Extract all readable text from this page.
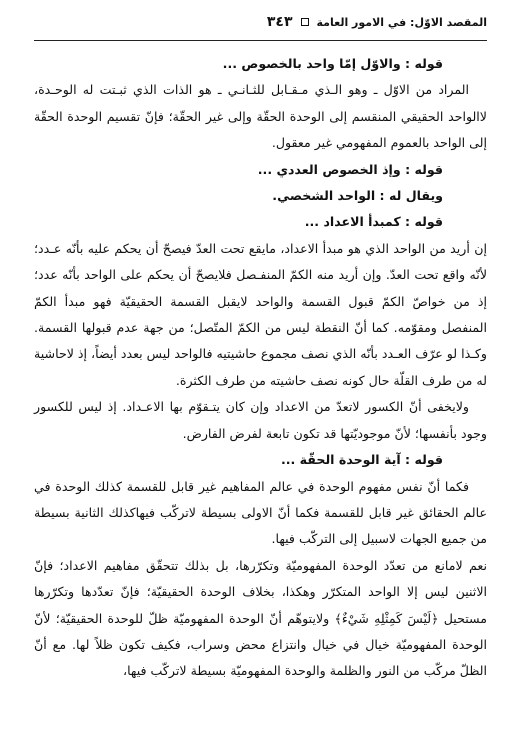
المقصد الاوّل: في الامور العامة
٣٤٣

قوله : والاوّل إمّا واحد بالخصوص ...

المراد من الاوّل ـ وهو الـذي مـقـابل للثـانـي ـ هو الذات الذي ثبـتت له الوحـدة، لاالواحد الحقيقي المنقسم إلى الوحدة الحقّة وإلى غير الحقّة؛ فإنّ تقسيم الوحدة الحقّة إلى الواحد بالعموم المفهومي غير معقول.

قوله : وإذ الخصوص العددي ...

ويقال له : الواحد الشخصي.

قوله : كمبدأ الاعداد ...

إن أريد من الواحد الذي هو مبدأ الاعداد، مايقع تحت العدّ فيصحّ أن يحكم عليه بأنّه عـدد؛ لأنّه واقع تحت العدّ. وإن أريد منه الكمّ المنفـصل فلايصحّ أن يحكم على الواحد بأنّه عدد؛ إذ من خواصّ الكمّ قبول القسمة والواحد لايقبل القسمة الحقيقيّة فهو مبدأ الكمّ المنفصل ومقوّمه. كما أنّ النقطة ليس من الكمّ المتّصل؛ من جهة عدم قبولها القسمة. وكـذا لو عرّف العـدد بأنّه الذي نصف مجموع حاشيتيه فالواحد ليس بعدد أيضاً، إذ لاحاشية له من طرف القلّة حال كونه نصف حاشيته من طرف الكثرة.

ولايخفى أنّ الكسور لاتعدّ من الاعداد وإن كان يتـقوّم بها الاعـداد. إذ ليس للكسور وجود بأنفسها؛ لأنّ موجوديّتها قد تكون تابعة لفرض الفارض.

قوله : آية الوحدة الحقّة ...

فكما أنّ نفس مفهوم الوحدة في عالم المفاهيم غير قابل للقسمة كذلك الوحدة في عالم الحقائق غير قابل للقسمة فكما أنّ الاولى بسيطة لاتركّب فيهاكذلك الثانية بسيطة من جميع الجهات لاسبيل إلى التركّب فيها.

نعم لامانع من تعدّد الوحدة المفهوميّة وتكرّرها، بل بذلك تتحقّق مفاهيم الاعداد؛ فإنّ الاثنين ليس إلا الواحد المتكرّر وهكذا، بخلاف الوحدة الحقيقيّة؛ فإنّ تعدّدها وتكرّرها مستحيل ﴿لَيْسَ كَمِثْلِهِ شَيْءٌ﴾ ولايتوهّم أنّ الوحدة المفهوميّة ظلّ للوحدة الحقيقيّة؛ لأنّ الوحدة المفهوميّة خيال في خيال وانتزاع محض وسراب، فكيف تكون ظلاً لها. مع أنّ الظلّ مركّب من النور والظلمة والوحدة المفهوميّة بسيطة لاتركّب فيها،
